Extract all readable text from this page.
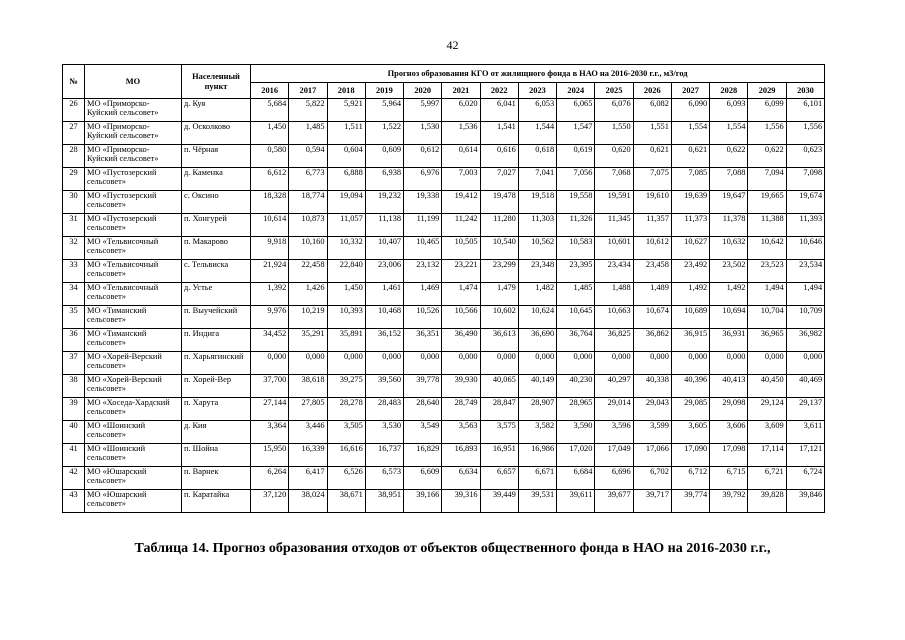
42
№	МО	Населенный пункт	Прогноз образования КГО от жилищного фонда в НАО на 2016-2030 г.г., м3/год														
			2016	2017	2018	2019	2020	2021	2022	2023	2024	2025	2026	2027	2028	2029	2030
26	МО «Приморско-Куйский сельсовет»	д. Куя	5,684	5,822	5,921	5,964	5,997	6,020	6,041	6,053	6,065	6,076	6,082	6,090	6,093	6,099	6,101
27	МО «Приморско-Куйский сельсовет»	д. Осколково	1,450	1,485	1,511	1,522	1,530	1,536	1,541	1,544	1,547	1,550	1,551	1,554	1,554	1,556	1,556
28	МО «Приморско-Куйский сельсовет»	п. Чёрная	0,580	0,594	0,604	0,609	0,612	0,614	0,616	0,618	0,619	0,620	0,621	0,621	0,622	0,622	0,623
29	МО «Пустозерский сельсовет»	д. Каменка	6,612	6,773	6,888	6,938	6,976	7,003	7,027	7,041	7,056	7,068	7,075	7,085	7,088	7,094	7,098
30	МО «Пустозерский сельсовет»	с. Оксино	18,328	18,774	19,094	19,232	19,338	19,412	19,478	19,518	19,558	19,591	19,610	19,639	19,647	19,665	19,674
31	МО «Пустозерский сельсовет»	п. Хонгурей	10,614	10,873	11,057	11,138	11,199	11,242	11,280	11,303	11,326	11,345	11,357	11,373	11,378	11,388	11,393
32	МО «Тельвисочный сельсовет»	п. Макарово	9,918	10,160	10,332	10,407	10,465	10,505	10,540	10,562	10,583	10,601	10,612	10,627	10,632	10,642	10,646
33	МО «Тельвисочный сельсовет»	с. Тельвиска	21,924	22,458	22,840	23,006	23,132	23,221	23,299	23,348	23,395	23,434	23,458	23,492	23,502	23,523	23,534
34	МО «Тельвисочный сельсовет»	д. Устье	1,392	1,426	1,450	1,461	1,469	1,474	1,479	1,482	1,485	1,488	1,489	1,492	1,492	1,494	1,494
35	МО «Тиманский сельсовет»	п. Выучейский	9,976	10,219	10,393	10,468	10,526	10,566	10,602	10,624	10,645	10,663	10,674	10,689	10,694	10,704	10,709
36	МО «Тиманский сельсовет»	п. Индига	34,452	35,291	35,891	36,152	36,351	36,490	36,613	36,690	36,764	36,825	36,862	36,915	36,931	36,965	36,982
37	МО «Хорей-Верский сельсовет»	п. Харьягинский	0,000	0,000	0,000	0,000	0,000	0,000	0,000	0,000	0,000	0,000	0,000	0,000	0,000	0,000	0,000
38	МО «Хорей-Верский сельсовет»	п. Хорей-Вер	37,700	38,618	39,275	39,560	39,778	39,930	40,065	40,149	40,230	40,297	40,338	40,396	40,413	40,450	40,469
39	МО «Хоседа-Хардский сельсовет»	п. Харута	27,144	27,805	28,278	28,483	28,640	28,749	28,847	28,907	28,965	29,014	29,043	29,085	29,098	29,124	29,137
40	МО «Шоинский сельсовет»	д. Кия	3,364	3,446	3,505	3,530	3,549	3,563	3,575	3,582	3,590	3,596	3,599	3,605	3,606	3,609	3,611
41	МО «Шоинский сельсовет»	п. Шойна	15,950	16,339	16,616	16,737	16,829	16,893	16,951	16,986	17,020	17,049	17,066	17,090	17,098	17,114	17,121
42	МО «Юшарский сельсовет»	п. Варнек	6,264	6,417	6,526	6,573	6,609	6,634	6,657	6,671	6,684	6,696	6,702	6,712	6,715	6,721	6,724
43	МО «Юшарский сельсовет»	п. Каратайка	37,120	38,024	38,671	38,951	39,166	39,316	39,449	39,531	39,611	39,677	39,717	39,774	39,792	39,828	39,846
Таблица 14. Прогноз образования отходов от объектов общественного фонда в НАО на 2016-2030 г.г.,
